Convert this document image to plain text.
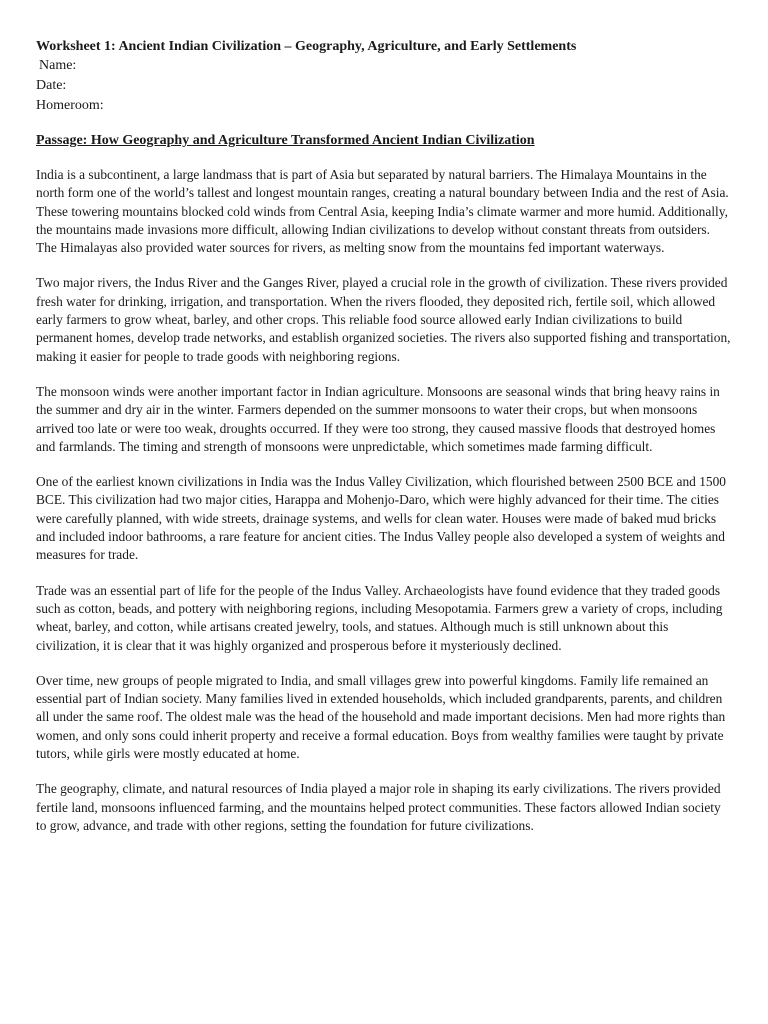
Worksheet 1: Ancient Indian Civilization – Geography, Agriculture, and Early Settlements

Name:

Date:

Homeroom:

Passage: How Geography and Agriculture Transformed Ancient Indian Civilization

India is a subcontinent, a large landmass that is part of Asia but separated by natural barriers. The Himalaya Mountains in the north form one of the world’s tallest and longest mountain ranges, creating a natural boundary between India and the rest of Asia. These towering mountains blocked cold winds from Central Asia, keeping India’s climate warmer and more humid. Additionally, the mountains made invasions more difficult, allowing Indian civilizations to develop without constant threats from outsiders. The Himalayas also provided water sources for rivers, as melting snow from the mountains fed important waterways.

Two major rivers, the Indus River and the Ganges River, played a crucial role in the growth of civilization. These rivers provided fresh water for drinking, irrigation, and transportation. When the rivers flooded, they deposited rich, fertile soil, which allowed early farmers to grow wheat, barley, and other crops. This reliable food source allowed early Indian civilizations to build permanent homes, develop trade networks, and establish organized societies. The rivers also supported fishing and transportation, making it easier for people to trade goods with neighboring regions.

The monsoon winds were another important factor in Indian agriculture. Monsoons are seasonal winds that bring heavy rains in the summer and dry air in the winter. Farmers depended on the summer monsoons to water their crops, but when monsoons arrived too late or were too weak, droughts occurred. If they were too strong, they caused massive floods that destroyed homes and farmlands. The timing and strength of monsoons were unpredictable, which sometimes made farming difficult.

One of the earliest known civilizations in India was the Indus Valley Civilization, which flourished between 2500 BCE and 1500 BCE. This civilization had two major cities, Harappa and Mohenjo-Daro, which were highly advanced for their time. The cities were carefully planned, with wide streets, drainage systems, and wells for clean water. Houses were made of baked mud bricks and included indoor bathrooms, a rare feature for ancient cities. The Indus Valley people also developed a system of weights and measures for trade.

Trade was an essential part of life for the people of the Indus Valley. Archaeologists have found evidence that they traded goods such as cotton, beads, and pottery with neighboring regions, including Mesopotamia. Farmers grew a variety of crops, including wheat, barley, and cotton, while artisans created jewelry, tools, and statues. Although much is still unknown about this civilization, it is clear that it was highly organized and prosperous before it mysteriously declined.

Over time, new groups of people migrated to India, and small villages grew into powerful kingdoms. Family life remained an essential part of Indian society. Many families lived in extended households, which included grandparents, parents, and children all under the same roof. The oldest male was the head of the household and made important decisions. Men had more rights than women, and only sons could inherit property and receive a formal education. Boys from wealthy families were taught by private tutors, while girls were mostly educated at home.

The geography, climate, and natural resources of India played a major role in shaping its early civilizations. The rivers provided fertile land, monsoons influenced farming, and the mountains helped protect communities. These factors allowed Indian society to grow, advance, and trade with other regions, setting the foundation for future civilizations.
